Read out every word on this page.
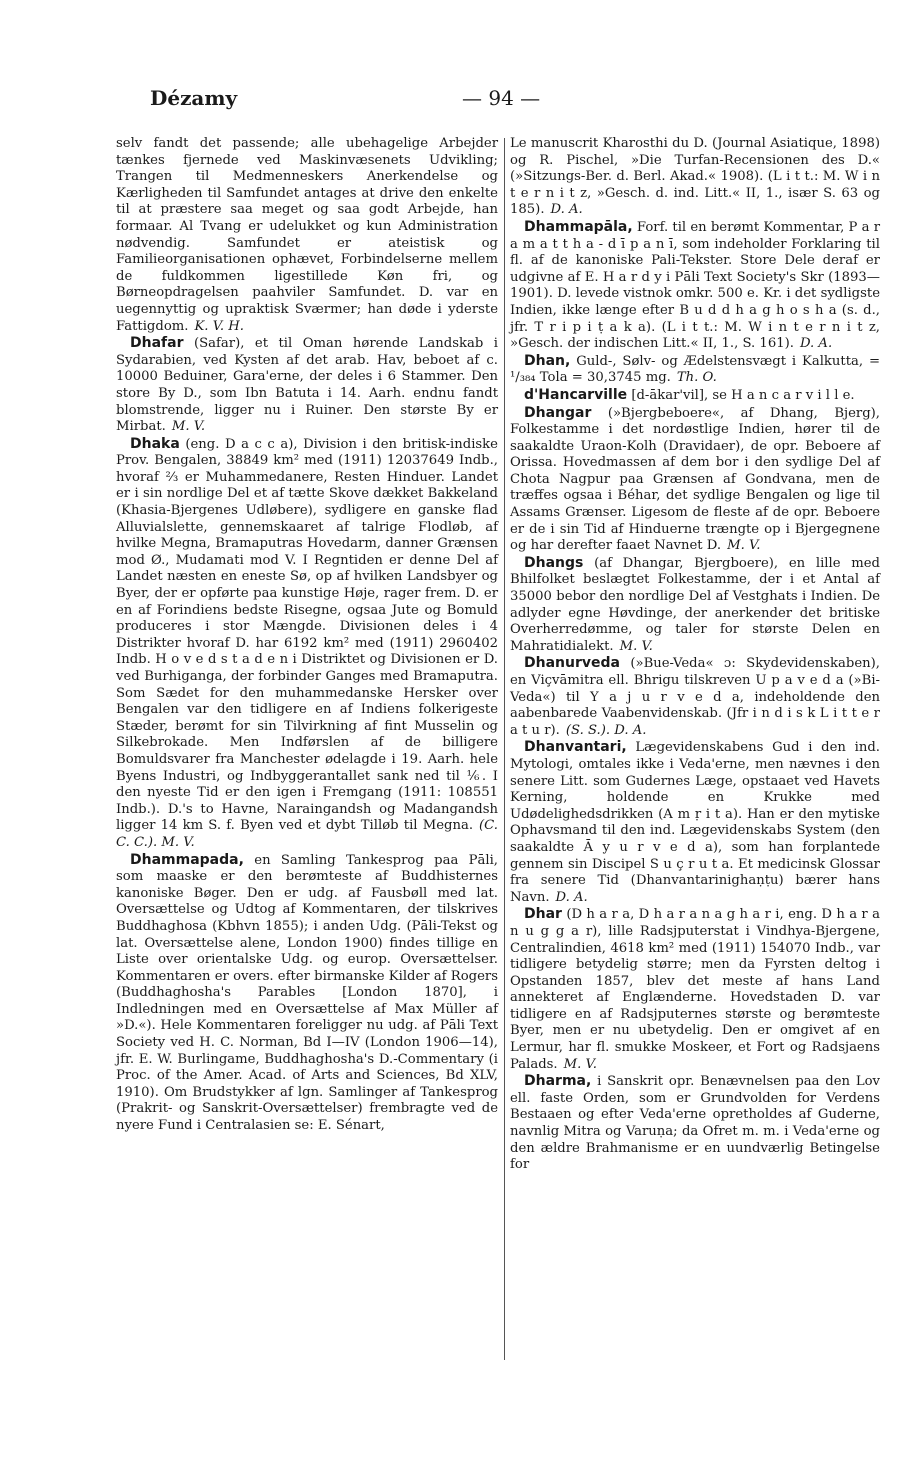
Dézamy	— 94 —

selv fandt det passende; alle ubehagelige Arbejder tænkes fjernede ved Maskinvæsenets Udvikling; Trangen til Medmenneskers Anerkendelse og Kærligheden til Samfundet antages at drive den enkelte til at præstere saa meget og saa godt Arbejde, han formaar. Al Tvang er udelukket og kun Administration nødvendig. Samfundet er ateistisk og Familieorganisationen ophævet, Forbindelserne mellem de fuldkommen ligestillede Køn fri, og Børneopdragelsen paahviler Samfundet. D. var en uegennyttig og upraktisk Sværmer; han døde i yderste Fattigdom. K. V. H.

Dhafar (Safar), et til Oman hørende Landskab i Sydarabien, ved Kysten af det arab. Hav, beboet af c. 10000 Beduiner, Gara'erne, der deles i 6 Stammer. Den store By D., som Ibn Batuta i 14. Aarh. endnu fandt blomstrende, ligger nu i Ruiner. Den største By er Mirbat. M. V.

Dhaka (eng. D a c c a), Division i den britisk-indiske Prov. Bengalen, 38849 km² med (1911) 12037649 Indb., hvoraf ⅔ er Muhammedanere, Resten Hinduer. Landet er i sin nordlige Del et af tætte Skove dækket Bakkeland (Khasia-Bjergenes Udløbere), sydligere en ganske flad Alluvialslette, gennemskaaret af talrige Flodløb, af hvilke Megna, Bramaputras Hovedarm, danner Grænsen mod Ø., Mudamati mod V. I Regntiden er denne Del af Landet næsten en eneste Sø, op af hvilken Landsbyer og Byer, der er opførte paa kunstige Høje, rager frem. D. er en af Forindiens bedste Risegne, ogsaa Jute og Bomuld produceres i stor Mængde. Divisionen deles i 4 Distrikter hvoraf D. har 6192 km² med (1911) 2960402 Indb. H o v e d s t a d e n i Distriktet og Divisionen er D. ved Burhiganga, der forbinder Ganges med Bramaputra. Som Sædet for den muhammedanske Hersker over Bengalen var den tidligere en af Indiens folkerigeste Stæder, berømt for sin Tilvirkning af fint Musselin og Silkebrokade. Men Indførslen af de billigere Bomuldsvarer fra Manchester ødelagde i 19. Aarh. hele Byens Industri, og Indbyggerantallet sank ned til ⅙. I den nyeste Tid er den igen i Fremgang (1911: 108551 Indb.). D.'s to Havne, Naraingandsh og Madangandsh ligger 14 km S. f. Byen ved et dybt Tilløb til Megna. (C. C. C.). M. V.

Dhammapada, en Samling Tankesprog paa Pāli, som maaske er den berømteste af Buddhisternes kanoniske Bøger. Den er udg. af Fausbøll med lat. Oversættelse og Udtog af Kommentaren, der tilskrives Buddhaghosa (Kbhvn 1855); i anden Udg. (Pāli-Tekst og lat. Oversættelse alene, London 1900) findes tillige en Liste over orientalske Udg. og europ. Oversættelser. Kommentaren er overs. efter birmanske Kilder af Rogers (Buddhaghosha's Parables [London 1870], i Indledningen med en Oversættelse af Max Müller af »D.«). Hele Kommentaren foreligger nu udg. af Pāli Text Society ved H. C. Norman, Bd I—IV (London 1906—14), jfr. E. W. Burlingame, Buddhaghosha's D.-Commentary (i Proc. of the Amer. Acad. of Arts and Sciences, Bd XLV, 1910). Om Brudstykker af lgn. Samlinger af Tankesprog (Prakrit- og Sanskrit-Oversættelser) frembragte ved de nyere Fund i Centralasien se: E. Sénart,

Le manuscrit Kharosthi du D. (Journal Asiatique, 1898) og R. Pischel, »Die Turfan-Recensionen des D.« (»Sitzungs-Ber. d. Berl. Akad.« 1908). (L i t t.: M. W i n t e r n i t z, »Gesch. d. ind. Litt.« II, 1., især S. 63 og 185). D. A.

Dhammapāla, Forf. til en berømt Kommentar, P a r a m a t t h a - d ī p a n ī, som indeholder Forklaring til fl. af de kanoniske Pali-Tekster. Store Dele deraf er udgivne af E. H a r d y i Pāli Text Society's Skr (1893—1901). D. levede vistnok omkr. 500 e. Kr. i det sydligste Indien, ikke længe efter B u d d h a g h o s h a (s. d., jfr. T r i p i ṭ a k a). (L i t t.: M. W i n t e r n i t z, »Gesch. der indischen Litt.« II, 1., S. 161). D. A.

Dhan, Guld-, Sølv- og Ædelstensvægt i Kalkutta, = ¹/₃₈₄ Tola = 30,3745 mg. Th. O.

d'Hancarville [d-ākar'vil], se H a n c a r v i l l e.

Dhangar (»Bjergbeboere«, af Dhang, Bjerg), Folkestamme i det nordøstlige Indien, hører til de saakaldte Uraon-Kolh (Dravidaer), de opr. Beboere af Orissa. Hovedmassen af dem bor i den sydlige Del af Chota Nagpur paa Grænsen af Gondvana, men de træffes ogsaa i Béhar, det sydlige Bengalen og lige til Assams Grænser. Ligesom de fleste af de opr. Beboere er de i sin Tid af Hinduerne trængte op i Bjergegnene og har derefter faaet Navnet D. M. V.

Dhangs (af Dhangar, Bjergboere), en lille med Bhilfolket beslægtet Folkestamme, der i et Antal af 35000 bebor den nordlige Del af Vestghats i Indien. De adlyder egne Høvdinge, der anerkender det britiske Overherredømme, og taler for største Delen en Mahratidialekt. M. V.

Dhanurveda (»Bue-Veda« ɔ: Skydevidenskaben), en Viçvāmitra ell. Bhrigu tilskreven U p a v e d a (»Bi-Veda«) til Y a j u r v e d a, indeholdende den aabenbarede Vaabenvidenskab. (Jfr i n d i s k L i t t e r a t u r). (S. S.). D. A.

Dhanvantari, Lægevidenskabens Gud i den ind. Mytologi, omtales ikke i Veda'erne, men nævnes i den senere Litt. som Gudernes Læge, opstaaet ved Havets Kerning, holdende en Krukke med Udødelighedsdrikken (A m ṛ i t a). Han er den mytiske Ophavsmand til den ind. Lægevidenskabs System (den saakaldte Ā y u r v e d a), som han forplantede gennem sin Discipel S u ç r u t a. Et medicinsk Glossar fra senere Tid (Dhanvantarinighaṇṭu) bærer hans Navn. D. A.

Dhar (D h a r a, D h a r a n a g h a r i, eng. D h a r a n u g g a r), lille Radsjputerstat i Vindhya-Bjergene, Centralindien, 4618 km² med (1911) 154070 Indb., var tidligere betydelig større; men da Fyrsten deltog i Opstanden 1857, blev det meste af hans Land annekteret af Englænderne. Hovedstaden D. var tidligere en af Radsjputernes største og berømteste Byer, men er nu ubetydelig. Den er omgivet af en Lermur, har fl. smukke Moskeer, et Fort og Radsjaens Palads. M. V.

Dharma, i Sanskrit opr. Benævnelsen paa den Lov ell. faste Orden, som er Grundvolden for Verdens Bestaaen og efter Veda'erne opretholdes af Guderne, navnlig Mitra og Varuṇa; da Ofret m. m. i Veda'erne og den ældre Brahmanisme er en uundværlig Betingelse for
